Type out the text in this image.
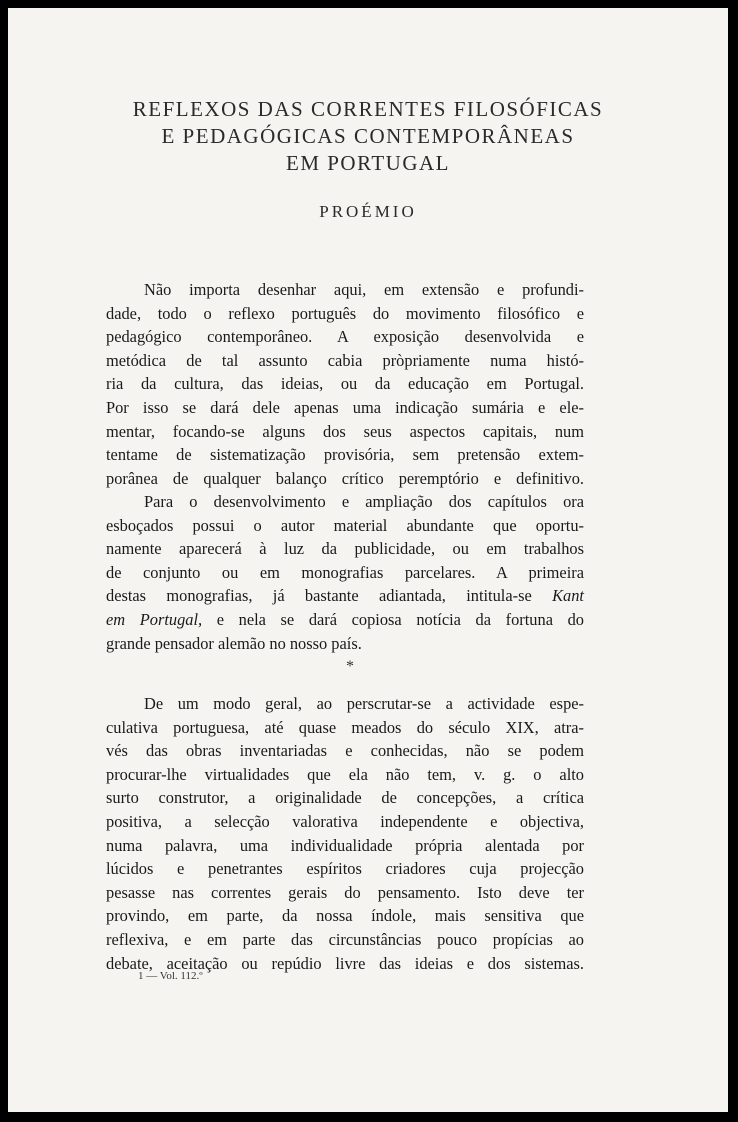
REFLEXOS DAS CORRENTES FILOSÓFICAS
E PEDAGÓGICAS CONTEMPORÂNEAS
EM PORTUGAL
PROÉMIO
Não importa desenhar aqui, em extensão e profundi-
dade, todo o reflexo português do movimento filosófico e
pedagógico contemporâneo. A exposição desenvolvida e
metódica de tal assunto cabia pròpriamente numa histó-
ria da cultura, das ideias, ou da educação em Portugal.
Por isso se dará dele apenas uma indicação sumária e ele-
mentar, focando-se alguns dos seus aspectos capitais, num
tentame de sistematização provisória, sem pretensão extem-
porânea de qualquer balanço crítico peremptório e definitivo.
Para o desenvolvimento e ampliação dos capítulos ora
esboçados possui o autor material abundante que oportu-
namente aparecerá à luz da publicidade, ou em trabalhos
de conjunto ou em monografias parcelares. A primeira
destas monografias, já bastante adiantada, intitula-se Kant
em Portugal, e nela se dará copiosa notícia da fortuna do
grande pensador alemão no nosso país.
*
De um modo geral, ao perscrutar-se a actividade espe-
culativa portuguesa, até quase meados do século XIX, atra-
vés das obras inventariadas e conhecidas, não se podem
procurar-lhe virtualidades que ela não tem, v. g. o alto
surto construtor, a originalidade de concepções, a crítica
positiva, a selecção valorativa independente e objectiva,
numa palavra, uma individualidade própria alentada por
lúcidos e penetrantes espíritos criadores cuja projecção
pesasse nas correntes gerais do pensamento. Isto deve ter
provindo, em parte, da nossa índole, mais sensitiva que
reflexiva, e em parte das circunstâncias pouco propícias ao
debate, aceitação ou repúdio livre das ideias e dos sistemas.
1 — Vol. 112.º
